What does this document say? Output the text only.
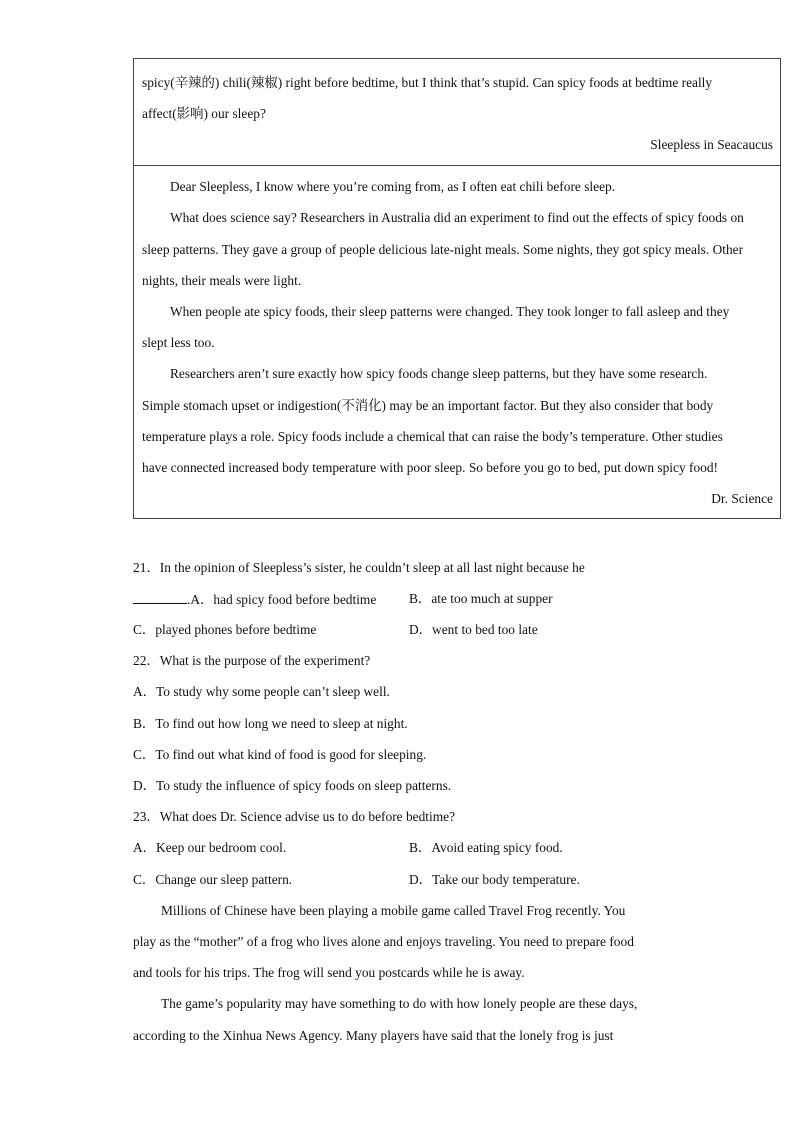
spicy(辛辣的) chili(辣椒) right before bedtime, but I think that’s stupid. Can spicy foods at bedtime really
affect(影响) our sleep?
Sleepless in Seacaucus
Dear Sleepless, I know where you’re coming from, as I often eat chili before sleep.
What does science say? Researchers in Australia did an experiment to find out the effects of spicy foods on
sleep patterns. They gave a group of people delicious late-night meals. Some nights, they got spicy meals. Other
nights, their meals were light.
When people ate spicy foods, their sleep patterns were changed. They took longer to fall asleep and they
slept less too.
Researchers aren’t sure exactly how spicy foods change sleep patterns, but they have some research.
Simple stomach upset or indigestion(不消化) may be an important factor. But they also consider that body
temperature plays a role. Spicy foods include a chemical that can raise the body’s temperature. Other studies
have connected increased body temperature with poor sleep. So before you go to bed, put down spicy food!
Dr. Science
21．In the opinion of Sleepless’s sister, he couldn’t sleep at all last night because he
.A．had spicy food before bedtime B．ate too much at supper
C．played phones before bedtime	D．went to bed too late
22．What is the purpose of the experiment?
A．To study why some people can’t sleep well.
B．To find out how long we need to sleep at night.
C．To find out what kind of food is good for sleeping.
D．To study the influence of spicy foods on sleep patterns.
23．What does Dr. Science advise us to do before bedtime?
A．Keep our bedroom cool.	B．Avoid eating spicy food.
C．Change our sleep pattern.	D．Take our body temperature.
Millions of Chinese have been playing a mobile game called Travel Frog recently. You
play as the “mother” of a frog who lives alone and enjoys traveling. You need to prepare food
and tools for his trips. The frog will send you postcards while he is away.
The game’s popularity may have something to do with how lonely people are these days,
according to the Xinhua News Agency. Many players have said that the lonely frog is just
